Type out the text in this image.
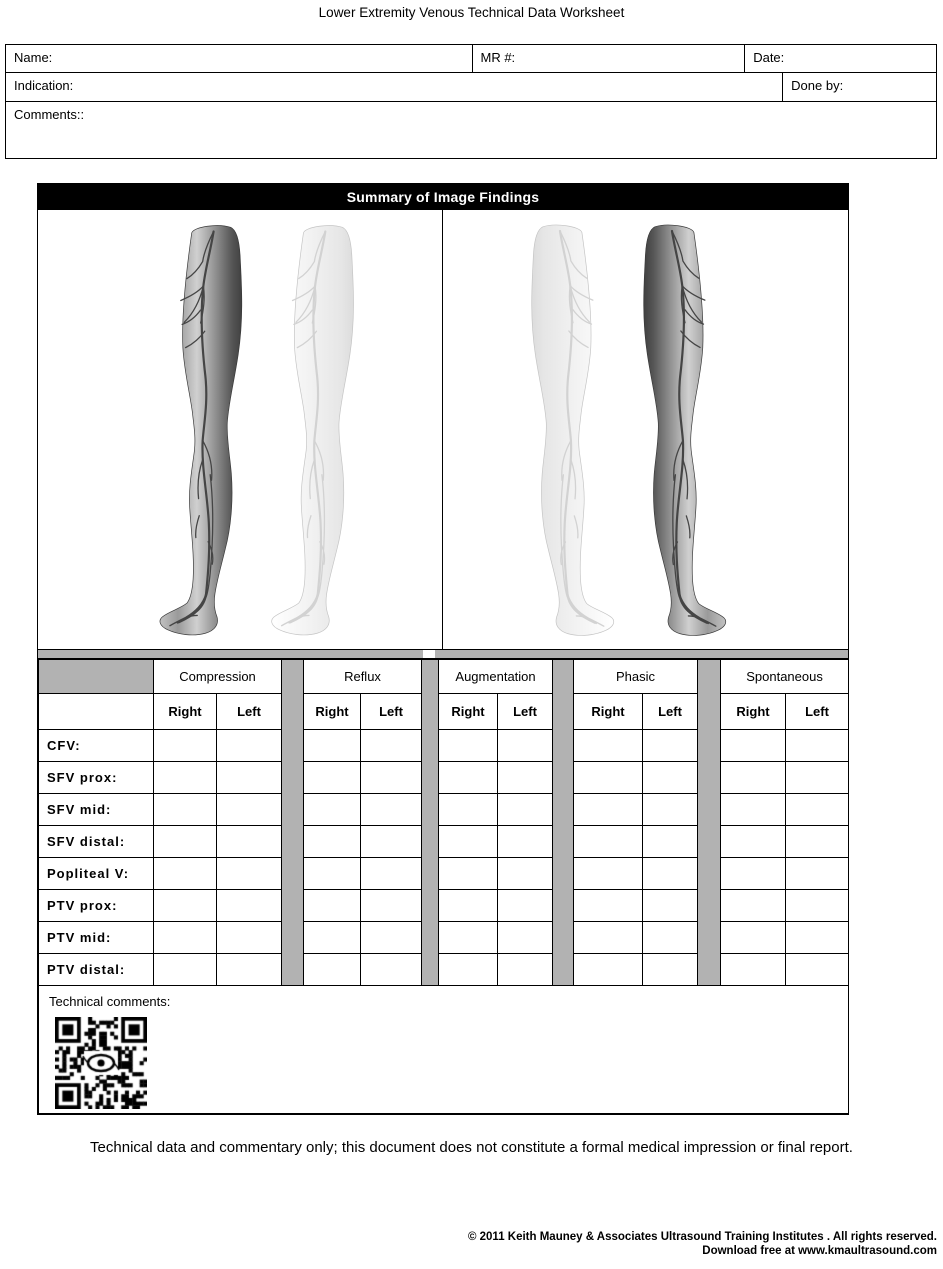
Lower Extremity Venous Technical Data Worksheet
Name:	MR #:	Date:
Indication:	Done by:
Comments::
Summary of Image Findings
	Compression			Reflux			Augmentation			Phasic			Spontaneous	
	Right	Left		Right	Left		Right	Left		Right	Left		Right	Left
CFV:														
SFV prox:														
SFV mid:														
SFV distal:														
Popliteal V:														
PTV prox:														
PTV mid:														
PTV distal:														

Technical comments:														
Technical data and commentary only; this document does not constitute a formal medical impression or final report.
© 2011 Keith Mauney & Associates Ultrasound Training Institutes . All rights reserved.
Download free at www.kmaultrasound.com
